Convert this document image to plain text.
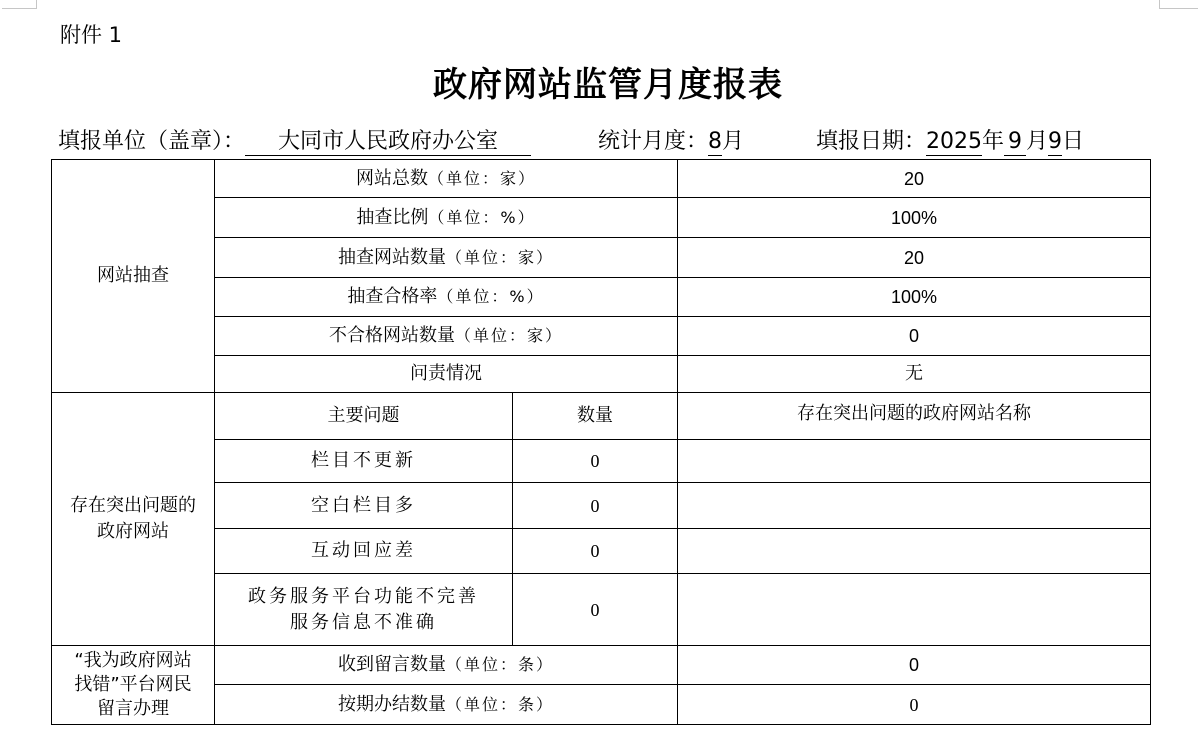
附件 1
政府网站监管月度报表
填报单位（盖章）： 大同市人民政府办公室	统计月度：8月	填报日期：2025年 9 月9日
网站抽查	网站总数（单位：家）		20
	抽查比例（单位：%）		100%
	抽查网站数量（单位：家）		20
	抽查合格率（单位：%）		100%
	不合格网站数量（单位：家）		0
	问责情况		无

存在突出问题的
政府网站	主要问题	数量	存在突出问题的政府网站名称
	栏目不更新	0	
	空白栏目多	0	
	互动回应差	0	

	政务服务平台功能不完善
服务信息不准确	0	

“我为政府网站
找错”平台网民
留言办理	收到留言数量（单位：条）		0
	按期办结数量（单位：条）		0
